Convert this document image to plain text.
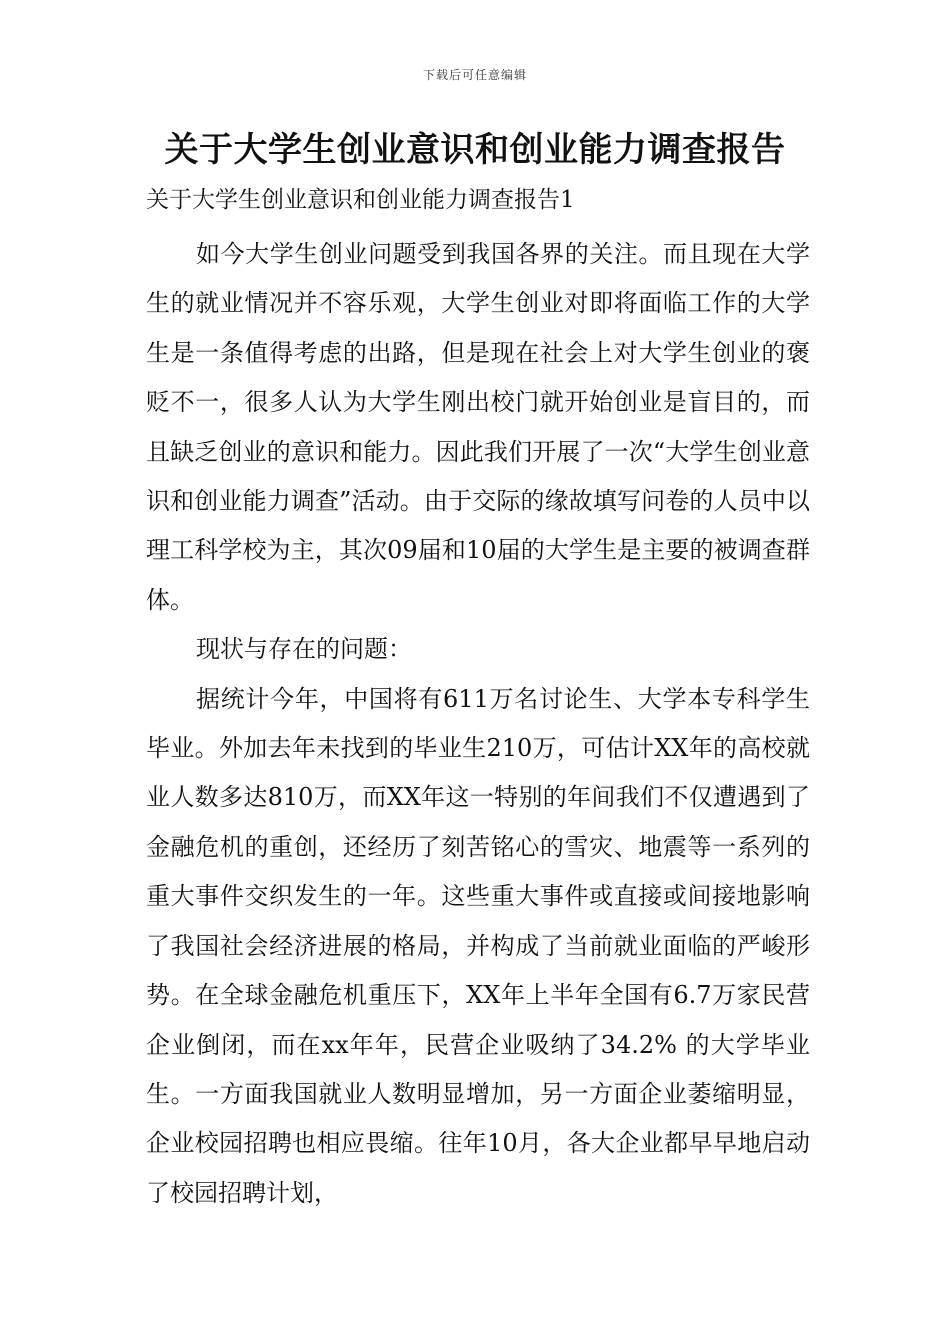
下载后可任意编辑
关于大学生创业意识和创业能力调查报告
关于大学生创业意识和创业能力调查报告1

如今大学生创业问题受到我国各界的关注。而且现在大学生的就业情况并不容乐观，大学生创业对即将面临工作的大学生是一条值得考虑的出路，但是现在社会上对大学生创业的褒贬不一，很多人认为大学生刚出校门就开始创业是盲目的，而且缺乏创业的意识和能力。因此我们开展了一次“大学生创业意识和创业能力调查”活动。由于交际的缘故填写问卷的人员中以理工科学校为主，其次09届和10届的大学生是主要的被调查群体。

现状与存在的问题：

据统计今年，中国将有611万名讨论生、大学本专科学生毕业。外加去年未找到的毕业生210万，可估计XX年的高校就业人数多达810万，而XX年这一特别的年间我们不仅遭遇到了金融危机的重创，还经历了刻苦铭心的雪灾、地震等一系列的重大事件交织发生的一年。这些重大事件或直接或间接地影响了我国社会经济进展的格局，并构成了当前就业面临的严峻形势。在全球金融危机重压下，XX年上半年全国有6.7万家民营企业倒闭，而在xx年年，民营企业吸纳了34.2% 的大学毕业生。一方面我国就业人数明显增加，另一方面企业萎缩明显，企业校园招聘也相应畏缩。往年10月，各大企业都早早地启动了校园招聘计划，
